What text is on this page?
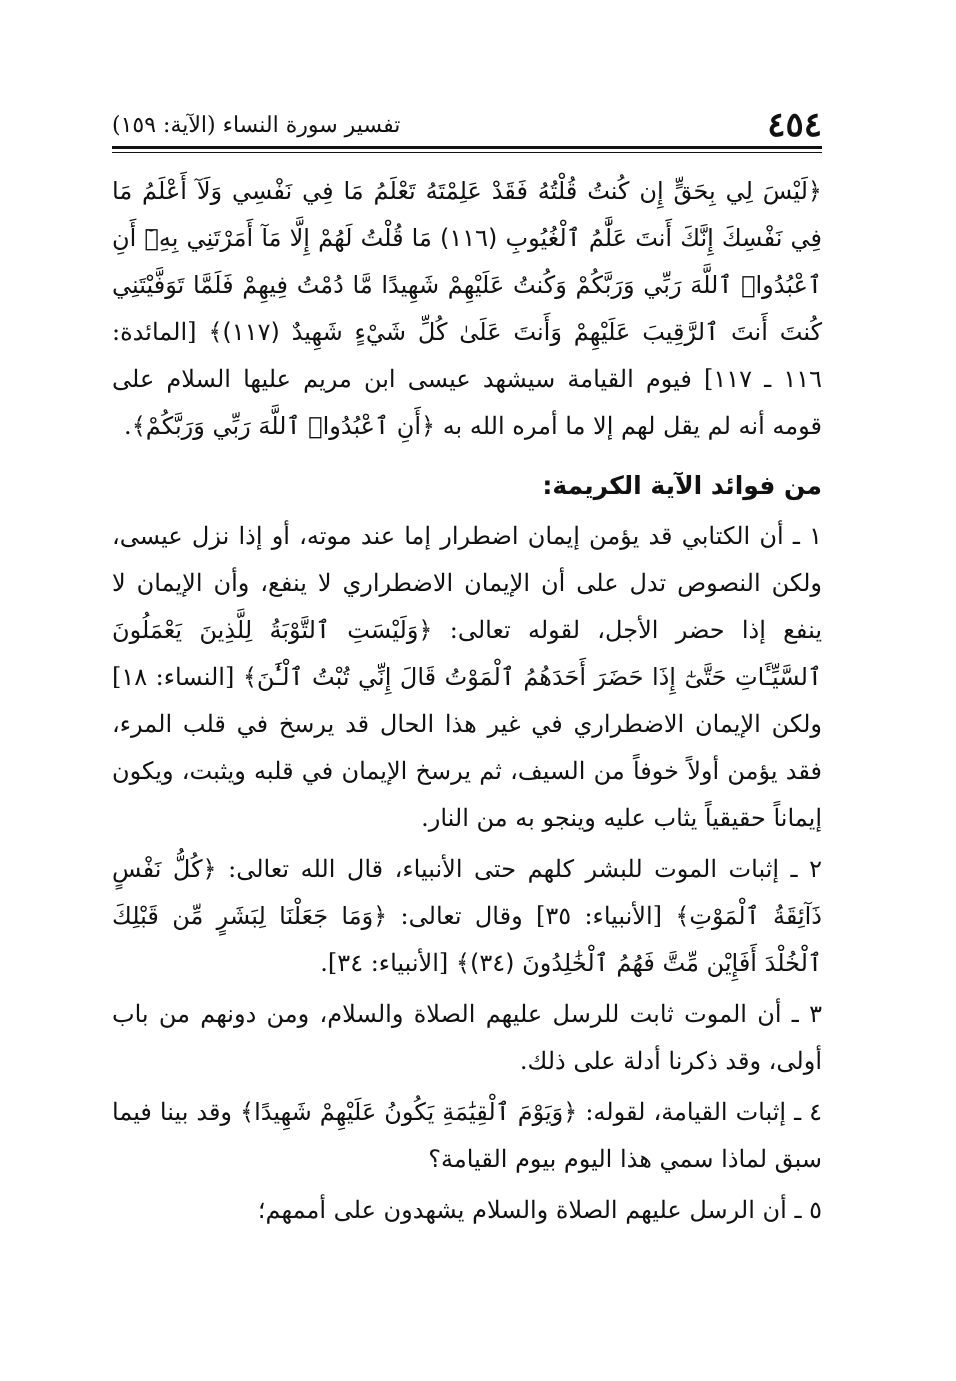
٤٥٤
تفسير سورة النساء (الآية: ١٥٩)

﴿لَيْسَ لِي بِحَقٍّ إِن كُنتُ قُلْتُهُ فَقَدْ عَلِمْتَهُ تَعْلَمُ مَا فِي نَفْسِي وَلَآ أَعْلَمُ مَا فِي نَفْسِكَ إِنَّكَ أَنتَ عَلَّٰمُ ٱلْغُيُوبِ (١١٦) مَا قُلْتُ لَهُمْ إِلَّا مَآ أَمَرْتَنِي بِهِۦٓ أَنِ ٱعْبُدُوا۟ ٱللَّهَ رَبِّي وَرَبَّكُمْ وَكُنتُ عَلَيْهِمْ شَهِيدًا مَّا دُمْتُ فِيهِمْ فَلَمَّا تَوَفَّيْتَنِي كُنتَ أَنتَ ٱلرَّقِيبَ عَلَيْهِمْ وَأَنتَ عَلَىٰ كُلِّ شَيْءٍ شَهِيدٌ (١١٧)﴾ [المائدة: ١١٦ ـ ١١٧] فيوم القيامة سيشهد عيسى ابن مريم عليها السلام على قومه أنه لم يقل لهم إلا ما أمره الله به ﴿أَنِ ٱعْبُدُوا۟ ٱللَّهَ رَبِّي وَرَبَّكُمْ﴾.

من فوائد الآية الكريمة:

١ ـ أن الكتابي قد يؤمن إيمان اضطرار إما عند موته، أو إذا نزل عيسى، ولكن النصوص تدل على أن الإيمان الاضطراري لا ينفع، وأن الإيمان لا ينفع إذا حضر الأجل، لقوله تعالى: ﴿وَلَيْسَتِ ٱلتَّوْبَةُ لِلَّذِينَ يَعْمَلُونَ ٱلسَّيِّـَٔاتِ حَتَّىٰٓ إِذَا حَضَرَ أَحَدَهُمُ ٱلْمَوْتُ قَالَ إِنِّي تُبْتُ ٱلْـَٰٔنَ﴾ [النساء: ١٨] ولكن الإيمان الاضطراري في غير هذا الحال قد يرسخ في قلب المرء، فقد يؤمن أولاً خوفاً من السيف، ثم يرسخ الإيمان في قلبه ويثبت، ويكون إيماناً حقيقياً يثاب عليه وينجو به من النار.

٢ ـ إثبات الموت للبشر كلهم حتى الأنبياء، قال الله تعالى: ﴿كُلُّ نَفْسٍ ذَآئِقَةُ ٱلْمَوْتِ﴾ [الأنبياء: ٣٥] وقال تعالى: ﴿وَمَا جَعَلْنَا لِبَشَرٍ مِّن قَبْلِكَ ٱلْخُلْدَ أَفَإِيْن مِّتَّ فَهُمُ ٱلْخَٰلِدُونَ (٣٤)﴾ [الأنبياء: ٣٤].

٣ ـ أن الموت ثابت للرسل عليهم الصلاة والسلام، ومن دونهم من باب أولى، وقد ذكرنا أدلة على ذلك.

٤ ـ إثبات القيامة، لقوله: ﴿وَيَوْمَ ٱلْقِيَٰمَةِ يَكُونُ عَلَيْهِمْ شَهِيدًا﴾ وقد بينا فيما سبق لماذا سمي هذا اليوم بيوم القيامة؟

٥ ـ أن الرسل عليهم الصلاة والسلام يشهدون على أممهم؛
